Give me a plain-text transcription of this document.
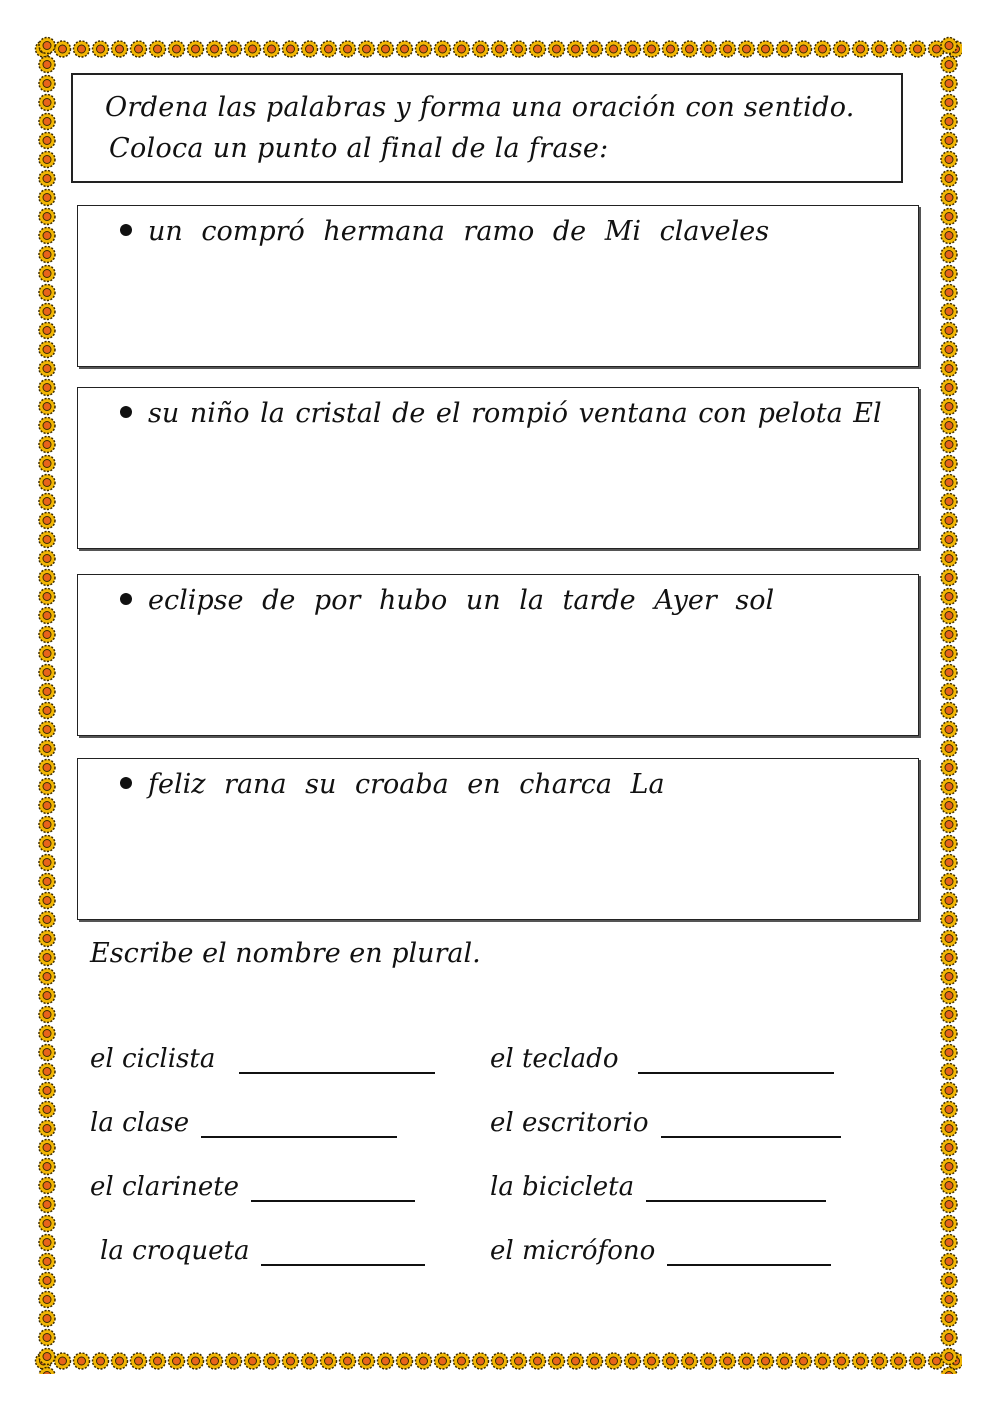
Ordena las palabras y forma una oración con sentido.
Coloca un punto al final de la frase:
un compró hermana ramo de Mi claveles
su niño la cristal de el rompió ventana con pelota El
eclipse de por hubo un la tarde Ayer sol
feliz rana su croaba en charca La
Escribe el nombre en plural.
el ciclista
la clase
el clarinete
la croqueta
el teclado
el escritorio
la bicicleta
el micrófono
